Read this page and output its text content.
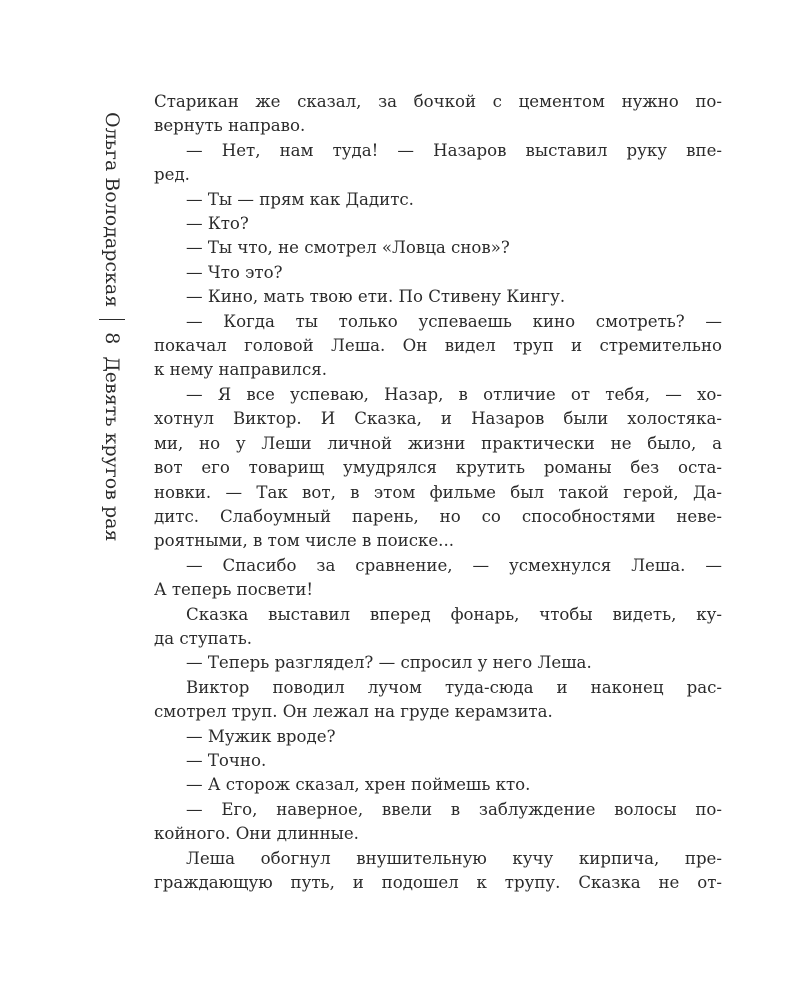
Ольга Володарская
8
Девять кругов рая
Старикан же сказал, за бочкой с цементом нужно по-
вернуть направо.
— Нет, нам туда! — Назаров выставил руку впе-
ред.
— Ты — прям как Дадитс.
— Кто?
— Ты что, не смотрел «Ловца снов»?
— Что это?
— Кино, мать твою ети. По Стивену Кингу.
— Когда ты только успеваешь кино смотреть? —
покачал головой Леша. Он видел труп и стремительно
к нему направился.
— Я все успеваю, Назар, в отличие от тебя, — хо-
хотнул Виктор. И Сказка, и Назаров были холостяка-
ми, но у Леши личной жизни практически не было, а
вот его товарищ умудрялся крутить романы без оста-
новки. — Так вот, в этом фильме был такой герой, Да-
дитс. Слабоумный парень, но со способностями неве-
роятными, в том числе в поиске...
— Спасибо за сравнение, — усмехнулся Леша. —
А теперь посвети!
Сказка выставил вперед фонарь, чтобы видеть, ку-
да ступать.
— Теперь разглядел? — спросил у него Леша.
Виктор поводил лучом туда-сюда и наконец рас-
смотрел труп. Он лежал на груде керамзита.
— Мужик вроде?
— Точно.
— А сторож сказал, хрен поймешь кто.
— Его, наверное, ввели в заблуждение волосы по-
койного. Они длинные.
Леша обогнул внушительную кучу кирпича, пре-
граждающую путь, и подошел к трупу. Сказка не от-
